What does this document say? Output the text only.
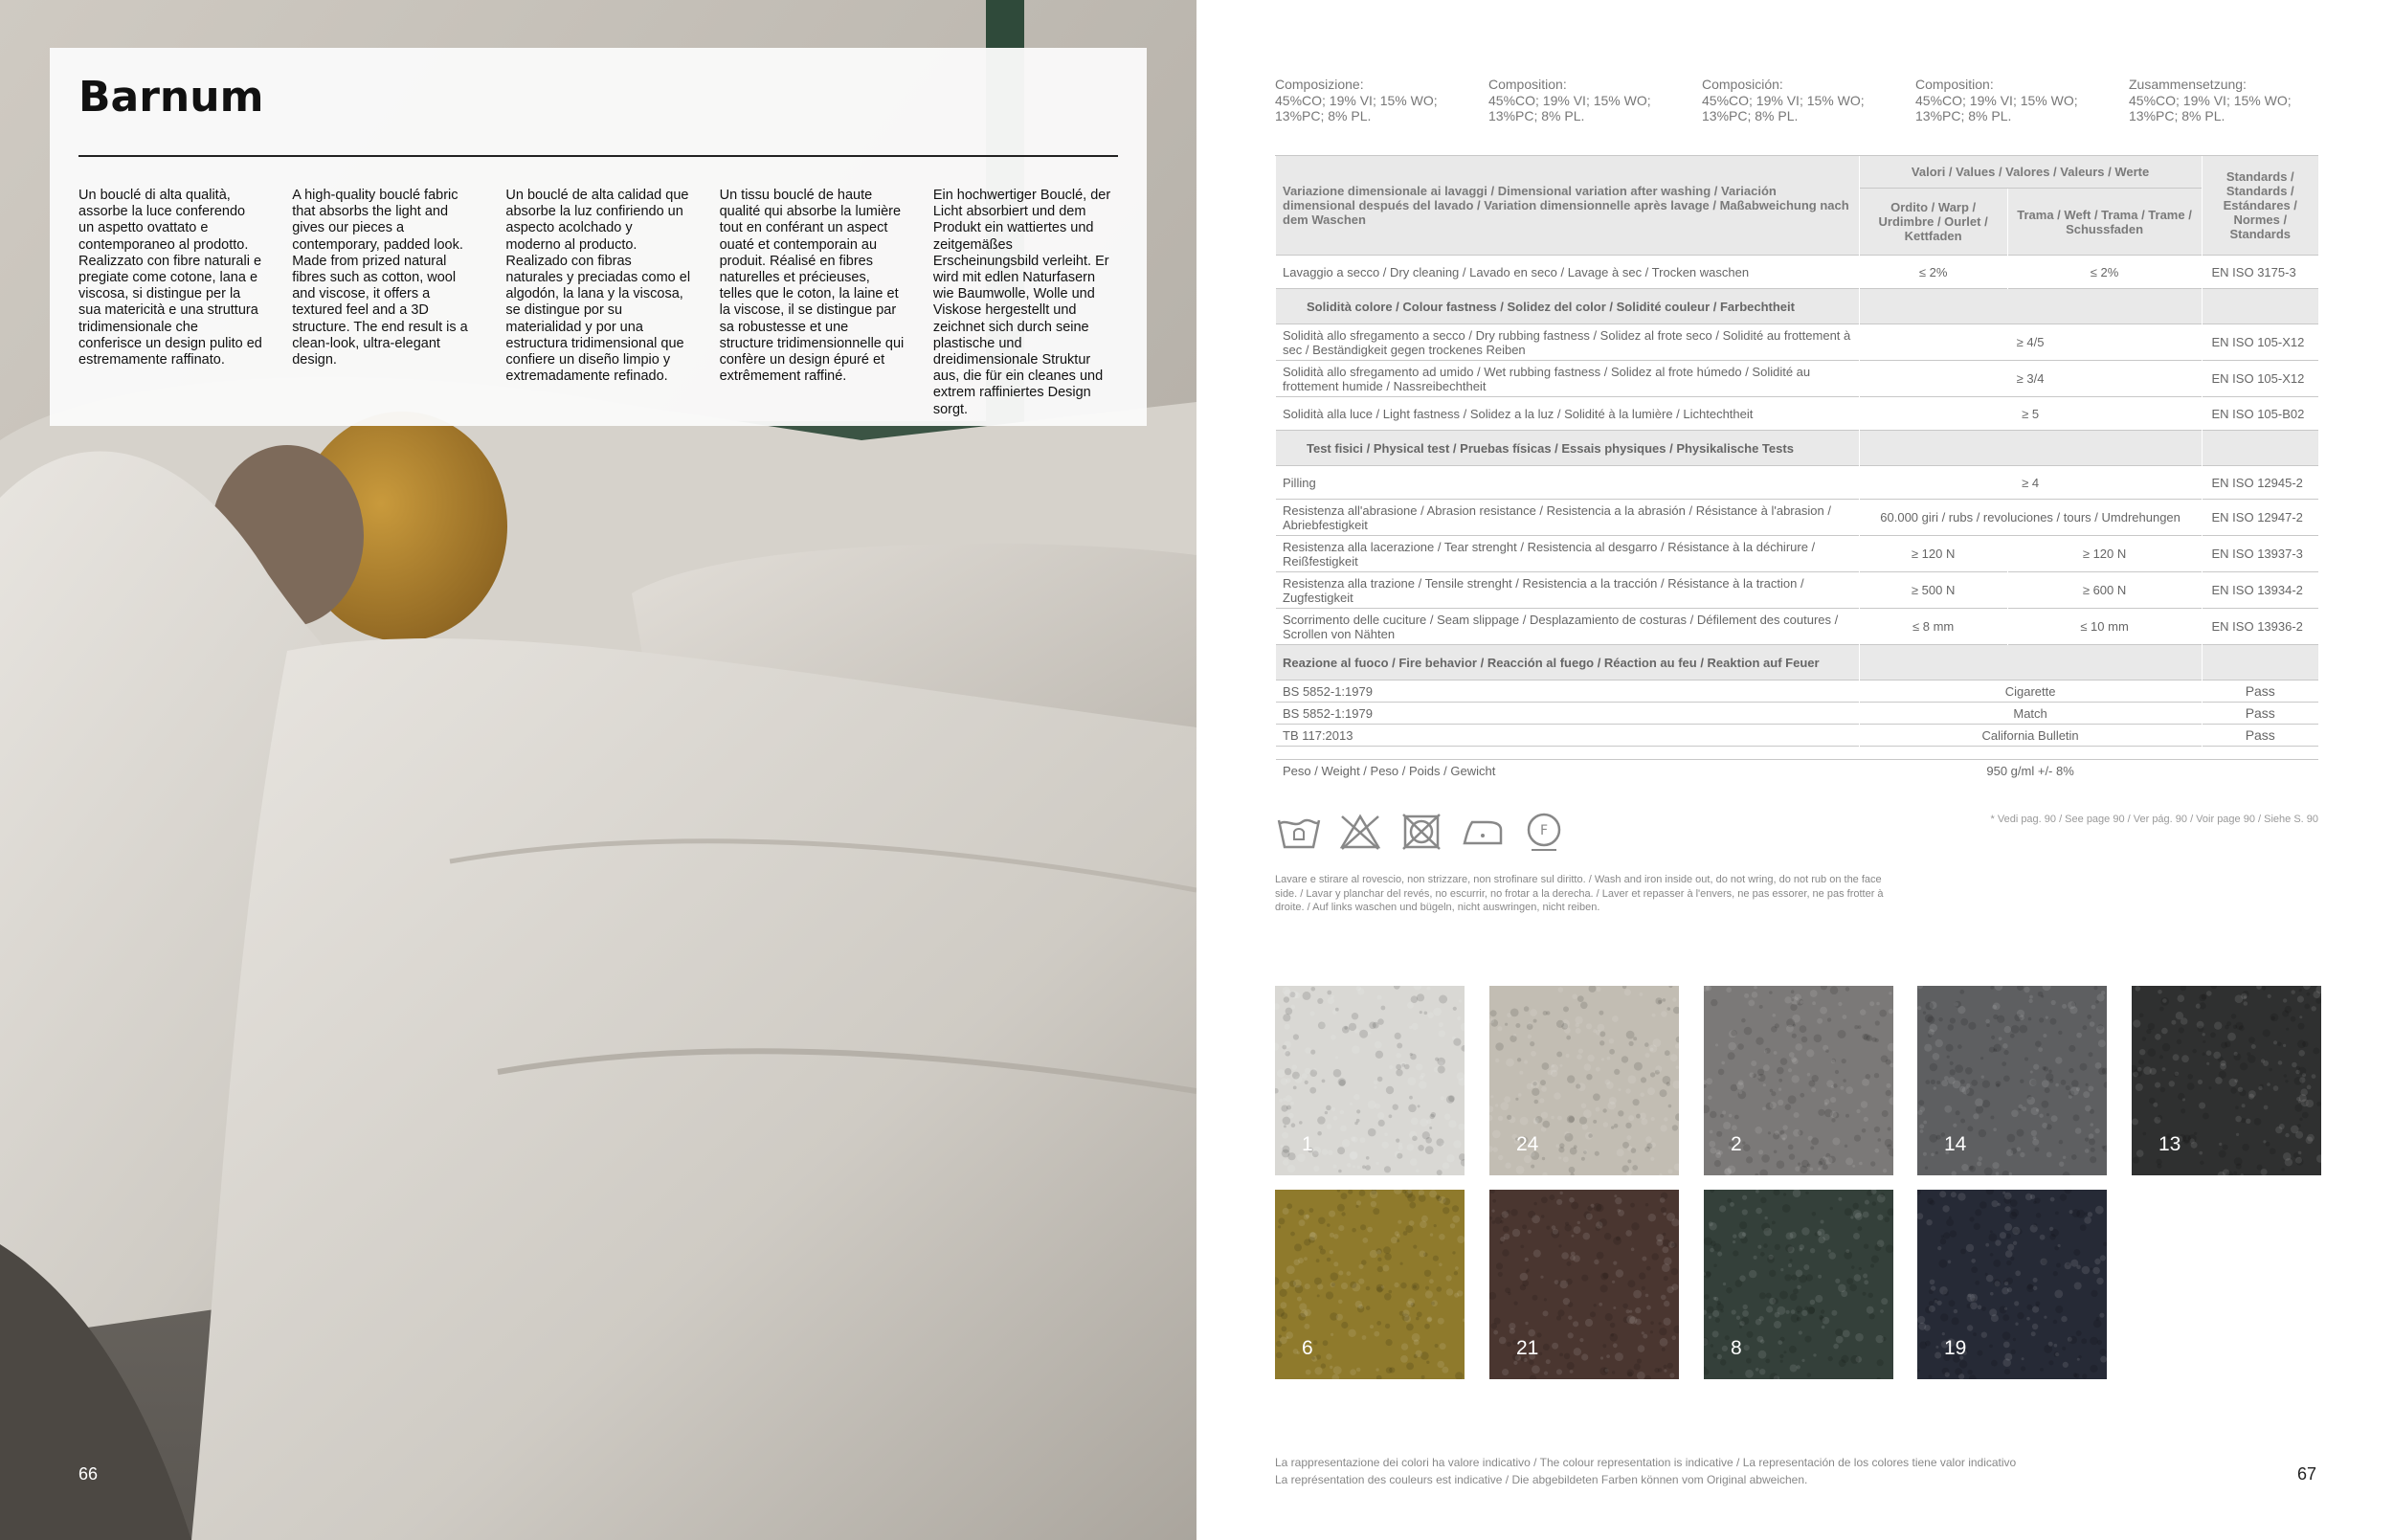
Barnum

Un bouclé di alta qualità, assorbe la luce conferendo un aspetto ovattato e contemporaneo al prodotto. Realizzato con fibre naturali e pregiate come cotone, lana e viscosa, si distingue per la sua matericità e una struttura tridimensionale che conferisce un design pulito ed estremamente raffinato.

A high-quality bouclé fabric that absorbs the light and gives our pieces a contemporary, padded look. Made from prized natural fibres such as cotton, wool and viscose, it offers a textured feel and a 3D structure. The end result is a clean-look, ultra-elegant design.

Un bouclé de alta calidad que absorbe la luz confiriendo un aspecto acolchado y moderno al producto. Realizado con fibras naturales y preciadas como el algodón, la lana y la viscosa, se distingue por su materialidad y por una estructura tridimensional que confiere un diseño limpio y extremadamente refinado.

Un tissu bouclé de haute qualité qui absorbe la lumière tout en conférant un aspect ouaté et contemporain au produit. Réalisé en fibres naturelles et précieuses, telles que le coton, la laine et la viscose, il se distingue par sa robustesse et une structure tridimensionnelle qui confère un design épuré et extrêmement raffiné.

Ein hochwertiger Bouclé, der Licht absorbiert und dem Produkt ein wattiertes und zeitgemäßes Erscheinungsbild verleiht. Er wird mit edlen Naturfasern wie Baumwolle, Wolle und Viskose hergestellt und zeichnet sich durch seine plastische und dreidimensionale Struktur aus, die für ein cleanes und extrem raffiniertes Design sorgt.

66
Composizione:
45%CO; 19% VI; 15% WO; 13%PC; 8% PL.
Composition:
45%CO; 19% VI; 15% WO; 13%PC; 8% PL.
Composición:
45%CO; 19% VI; 15% WO; 13%PC; 8% PL.
Composition:
45%CO; 19% VI; 15% WO; 13%PC; 8% PL.
Zusammensetzung:
45%CO; 19% VI; 15% WO; 13%PC; 8% PL.
Variazione dimensionale ai lavaggi / Dimensional variation after washing / Variación dimensional después del lavado / Variation dimensionnelle après lavage / Maßabweichung nach dem Waschen	Valori / Values / Valores / Valeurs / Werte		Standards / Standards / Estándares / Normes / Standards
	Ordito / Warp / Urdimbre / Ourlet / Kettfaden	Trama / Weft / Trama / Trame / Schussfaden	
Lavaggio a secco / Dry cleaning / Lavado en seco / Lavage à sec / Trocken waschen	≤ 2%	≤ 2%	EN ISO 3175-3
Solidità colore / Colour fastness / Solidez del color / Solidité couleur / Farbechtheit			
Solidità allo sfregamento a secco / Dry rubbing fastness / Solidez al frote seco / Solidité au frottement à sec / Beständigkeit gegen trockenes Reiben	≥ 4/5		EN ISO 105-X12
Solidità allo sfregamento ad umido / Wet rubbing fastness / Solidez al frote húmedo / Solidité au frottement humide / Nassreibechtheit	≥ 3/4		EN ISO 105-X12
Solidità alla luce / Light fastness / Solidez a la luz / Solidité à la lumière / Lichtechtheit	≥ 5		EN ISO 105-B02
Test fisici / Physical test / Pruebas físicas / Essais physiques / Physikalische Tests			
Pilling	≥ 4		EN ISO 12945-2
Resistenza all'abrasione / Abrasion resistance / Resistencia a la abrasión / Résistance à l'abrasion / Abriebfestigkeit	60.000 giri / rubs / revoluciones / tours / Umdrehungen		EN ISO 12947-2
Resistenza alla lacerazione / Tear strenght / Resistencia al desgarro / Résistance à la déchirure / Reißfestigkeit	≥ 120 N	≥ 120 N	EN ISO 13937-3
Resistenza alla trazione / Tensile strenght / Resistencia a la tracción / Résistance à la traction / Zugfestigkeit	≥ 500 N	≥ 600 N	EN ISO 13934-2
Scorrimento delle cuciture / Seam slippage / Desplazamiento de costuras / Défilement des coutures / Scrollen von Nähten	≤ 8 mm	≤ 10 mm	EN ISO 13936-2
Reazione al fuoco / Fire behavior / Reacción al fuego / Réaction au feu / Reaktion auf Feuer			
BS 5852-1:1979	Cigarette		Pass
BS 5852-1:1979	Match		Pass
TB 117:2013	California Bulletin		Pass

Peso / Weight / Peso / Poids / Gewicht	950 g/ml +/- 8%		
* Vedi pag. 90 / See page 90 / Ver pág. 90 / Voir page 90 / Siehe S. 90
F
Lavare e stirare al rovescio, non strizzare, non strofinare sul diritto. / Wash and iron inside out, do not wring, do not rub on the face side. / Lavar y planchar del revés, no escurrir, no frotar a la derecha. / Laver et repasser à l'envers, ne pas essorer, ne pas frotter à droite. / Auf links waschen und bügeln, nicht auswringen, nicht reiben.
1	24	2	14	13
6	21	8	19
La rappresentazione dei colori ha valore indicativo / The colour representation is indicative / La representación de los colores tiene valor indicativo
La représentation des couleurs est indicative / Die abgebildeten Farben können vom Original abweichen.	67
